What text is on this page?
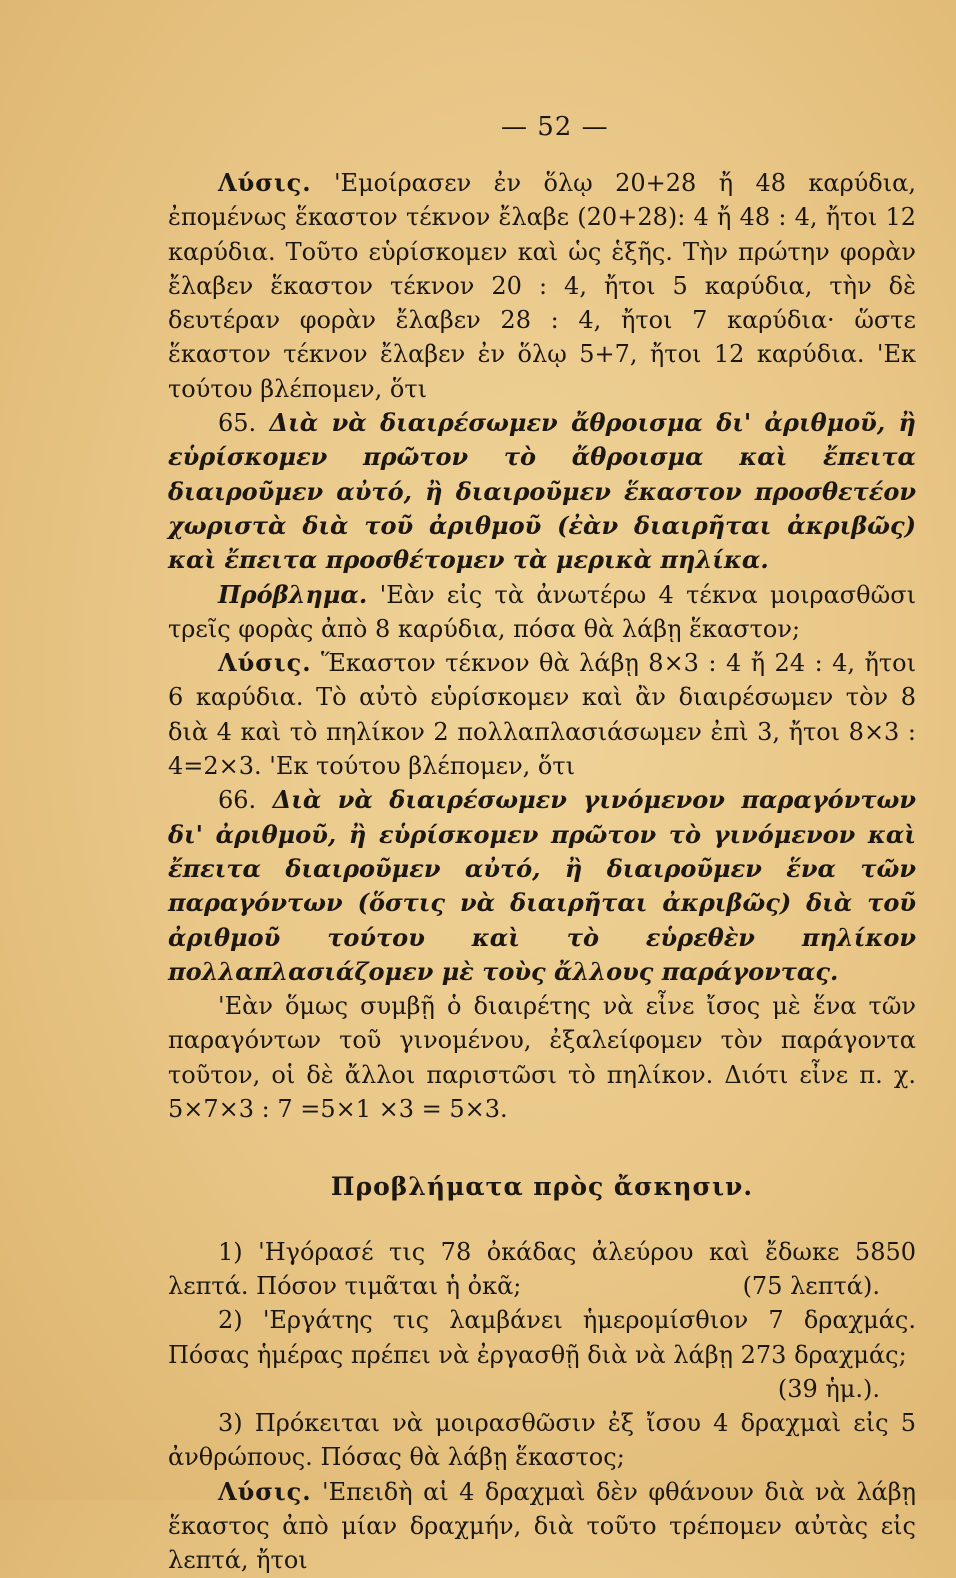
— 52 —

Λύσις. 'Εμοίρασεν ἐν ὅλῳ 20+28 ἤ 48 καρύδια, ἐπομένως ἕκαστον τέκνον ἔλαβε (20+28): 4 ἤ 48 : 4, ἤτοι 12 καρύδια. Τοῦτο εὑρίσκομεν καὶ ὡς ἑξῆς. Τὴν πρώτην φορὰν ἔλαβεν ἕκαστον τέκνον 20 : 4, ἤτοι 5 καρύδια, τὴν δὲ δευτέραν φορὰν ἔλαβεν 28 : 4, ἤτοι 7 καρύδια· ὥστε ἕκαστον τέκνον ἔλαβεν ἐν ὅλῳ 5+7, ἤτοι 12 καρύδια. 'Εκ τούτου βλέπομεν, ὅτι

65. Διὰ νὰ διαιρέσωμεν ἄθροισμα δι' ἀριθμοῦ, ἢ εὑρίσκομεν πρῶτον τὸ ἄθροισμα καὶ ἔπειτα διαιροῦμεν αὐτό, ἢ διαιροῦμεν ἕκαστον προσθετέον χωριστὰ διὰ τοῦ ἀριθμοῦ (ἐὰν διαιρῆται ἀκριβῶς) καὶ ἔπειτα προσθέτομεν τὰ μερικὰ πηλίκα.

Πρόβλημα. 'Εὰν εἰς τὰ ἀνωτέρω 4 τέκνα μοιρασθῶσι τρεῖς φορὰς ἀπὸ 8 καρύδια, πόσα θὰ λάβῃ ἕκαστον;

Λύσις. Ἕκαστον τέκνον θὰ λάβῃ 8×3 : 4 ἤ 24 : 4, ἤτοι 6 καρύδια. Τὸ αὐτὸ εὑρίσκομεν καὶ ἂν διαιρέσωμεν τὸν 8 διὰ 4 καὶ τὸ πηλίκον 2 πολλαπλασιάσωμεν ἐπὶ 3, ἤτοι 8×3 : 4=2×3. 'Εκ τούτου βλέπομεν, ὅτι

66. Διὰ νὰ διαιρέσωμεν γινόμενον παραγόντων δι' ἀριθμοῦ, ἢ εὑρίσκομεν πρῶτον τὸ γινόμενον καὶ ἔπειτα διαιροῦμεν αὐτό, ἢ διαιροῦμεν ἕνα τῶν παραγόντων (ὅστις νὰ διαιρῆται ἀκριβῶς) διὰ τοῦ ἀριθμοῦ τούτου καὶ τὸ εὑρεθὲν πηλίκον πολλαπλασιάζομεν μὲ τοὺς ἄλλους παράγοντας.

'Εὰν ὅμως συμβῇ ὁ διαιρέτης νὰ εἶνε ἴσος μὲ ἕνα τῶν παραγόντων τοῦ γινομένου, ἐξαλείφομεν τὸν παράγοντα τοῦτον, οἱ δὲ ἄλλοι παριστῶσι τὸ πηλίκον. Διότι εἶνε π. χ. 5×7×3 : 7 =5×1 ×3 = 5×3.

Προβλήματα πρὸς ἄσκησιν.

1) 'Ηγόρασέ τις 78 ὀκάδας ἀλεύρου καὶ ἔδωκε 5850 λεπτά. Πόσον τιμᾶται ἡ ὀκᾶ;	(75 λεπτά).

2) 'Εργάτης τις λαμβάνει ἡμερομίσθιον 7 δραχμάς. Πόσας ἡμέρας πρέπει νὰ ἐργασθῇ διὰ νὰ λάβῃ 273 δραχμάς;
(39 ἡμ.).

3) Πρόκειται νὰ μοιρασθῶσιν ἐξ ἴσου 4 δραχμαὶ εἰς 5 ἀνθρώπους. Πόσας θὰ λάβῃ ἕκαστος;

Λύσις. 'Επειδὴ αἱ 4 δραχμαὶ δὲν φθάνουν διὰ νὰ λάβῃ ἕκαστος ἀπὸ μίαν δραχμήν, διὰ τοῦτο τρέπομεν αὐτὰς εἰς λεπτά, ἤτοι
